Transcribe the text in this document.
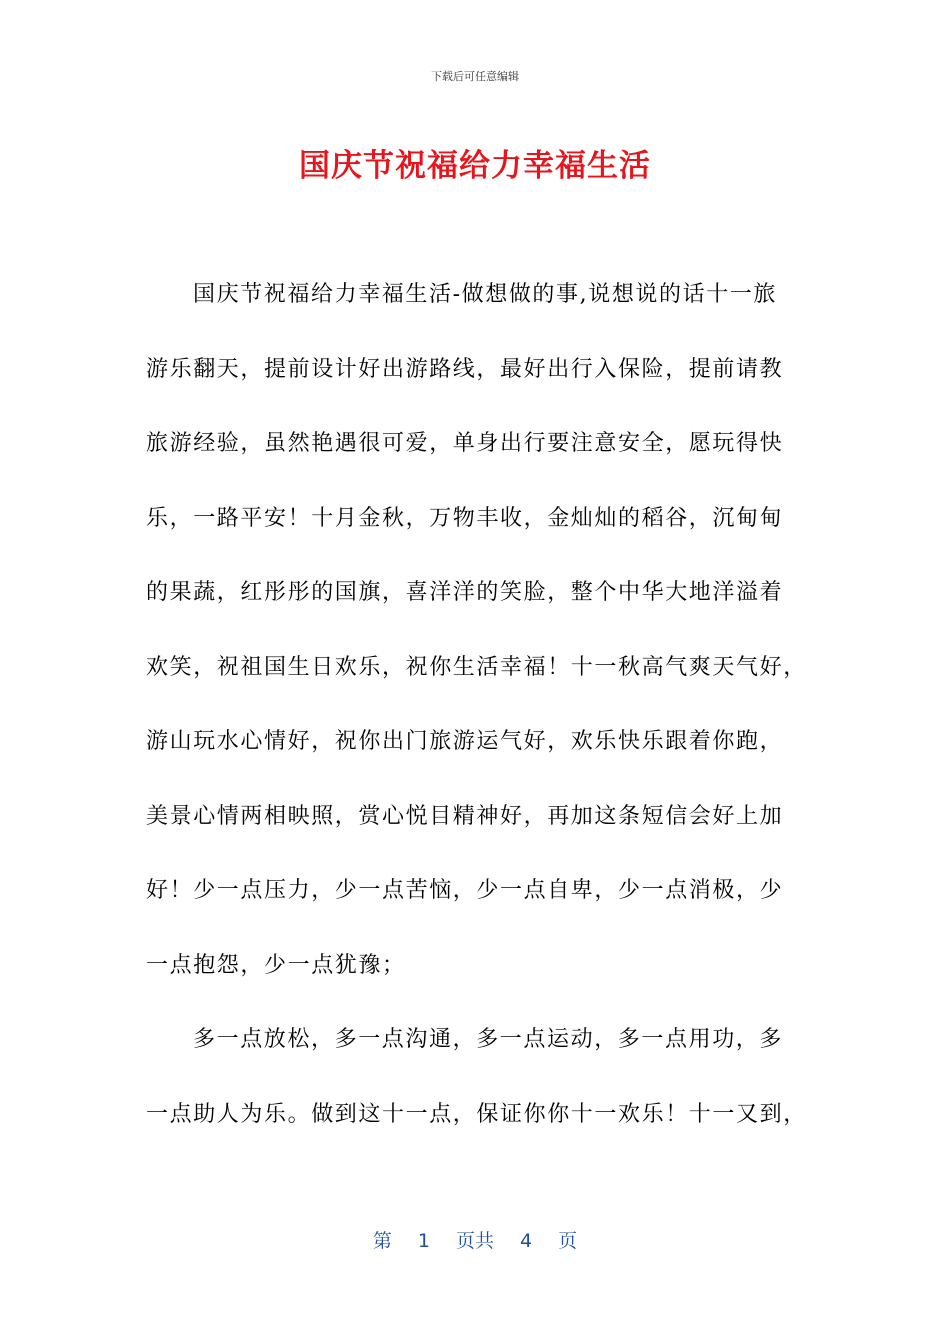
下载后可任意编辑
国庆节祝福给力幸福生活
国庆节祝福给力幸福生活-做想做的事,说想说的话十一旅
游乐翻天，提前设计好出游路线，最好出行入保险，提前请教
旅游经验，虽然艳遇很可爱，单身出行要注意安全，愿玩得快
乐，一路平安！十月金秋，万物丰收，金灿灿的稻谷，沉甸甸
的果蔬，红彤彤的国旗，喜洋洋的笑脸，整个中华大地洋溢着
欢笑，祝祖国生日欢乐，祝你生活幸福！十一秋高气爽天气好，
游山玩水心情好，祝你出门旅游运气好，欢乐快乐跟着你跑，
美景心情两相映照，赏心悦目精神好，再加这条短信会好上加
好！少一点压力，少一点苦恼，少一点自卑，少一点消极，少
一点抱怨，少一点犹豫；
多一点放松，多一点沟通，多一点运动，多一点用功，多
一点助人为乐。做到这十一点，保证你你十一欢乐！十一又到，
第 1 页共 4 页
